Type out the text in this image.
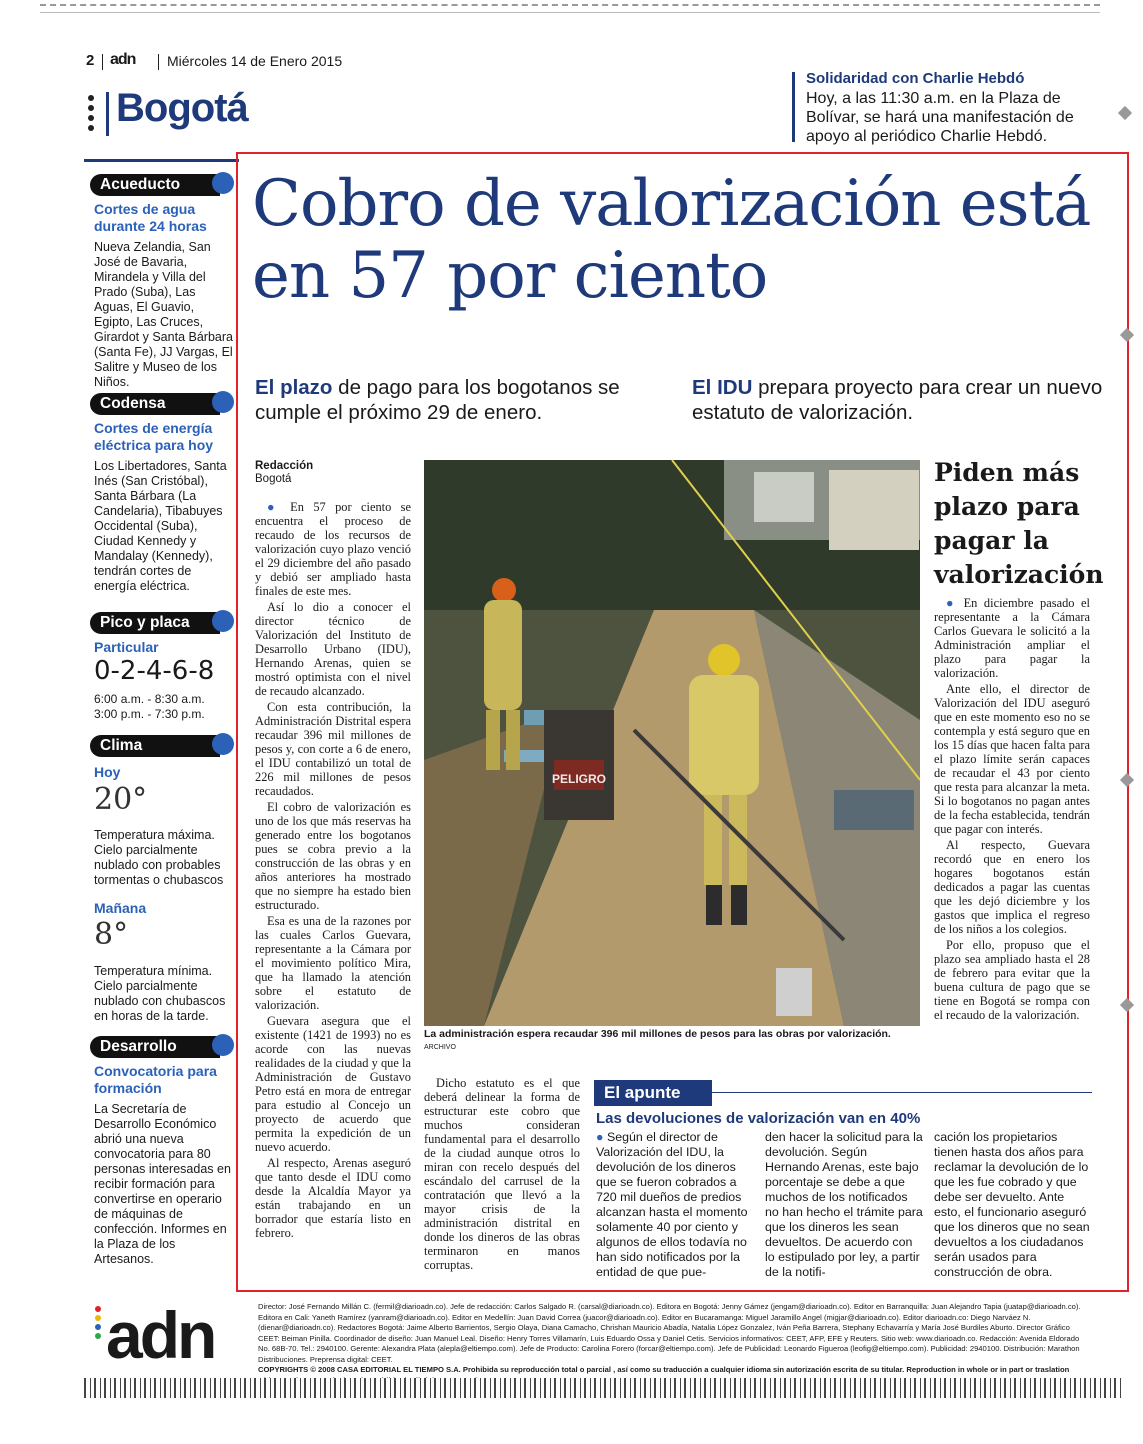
2 adn Miércoles 14 de Enero 2015
Bogotá
Solidaridad con Charlie Hebdó
Hoy, a las 11:30 a.m. en la Plaza de Bolívar, se hará una manifestación de apoyo al periódico Charlie Hebdó.
Acueducto
Cortes de agua durante 24 horas
Nueva Zelandia, San José de Bavaria, Mirandela y Villa del Prado (Suba), Las Aguas, El Guavio, Egipto, Las Cruces, Girardot y Santa Bárbara (Santa Fe), JJ Vargas, El Salitre y Museo de los Niños.
Codensa
Cortes de energía eléctrica para hoy
Los Libertadores, Santa Inés (San Cristóbal), Santa Bárbara (La Candelaria), Tibabuyes Occidental (Suba), Ciudad Kennedy y Mandalay (Kennedy), tendrán cortes de energía eléctrica.
Pico y placa
Particular
0-2-4-6-8
6:00 a.m. - 8:30 a.m.
3:00 p.m. - 7:30 p.m.
Clima
Hoy
20°
Temperatura máxima. Cielo parcialmente nublado con probables tormentas o chubascos
Mañana
8°
Temperatura mínima. Cielo parcialmente nublado con chubascos en horas de la tarde.
Desarrollo
Convocatoria para formación
La Secretaría de Desarrollo Económico abrió una nueva convocatoria para 80 personas interesadas en recibir formación para convertirse en operario de máquinas de confección. Informes en la Plaza de los Artesanos.
Cobro de valorización está en 57 por ciento
El plazo de pago para los bogotanos se cumple el próximo 29 de enero.
El IDU prepara proyecto para crear un nuevo estatuto de valorización.
Redacción
Bogotá

● En 57 por ciento se encuentra el proceso de recaudo de los recursos de valorización cuyo plazo venció el 29 diciembre del año pasado y debió ser ampliado hasta finales de este mes.

Así lo dio a conocer el director técnico de Valorización del Instituto de Desarrollo Urbano (IDU), Hernando Arenas, quien se mostró optimista con el nivel de recaudo alcanzado.

Con esta contribución, la Administración Distrital espera recaudar 396 mil millones de pesos y, con corte a 6 de enero, el IDU contabilizó un total de 226 mil millones de pesos recaudados.

El cobro de valorización es uno de los que más reservas ha generado entre los bogotanos pues se cobra previo a la construcción de las obras y en años anteriores ha mostrado que no siempre ha estado bien estructurado.

Esa es una de la razones por las cuales Carlos Guevara, representante a la Cámara por el movimiento político Mira, que ha llamado la atención sobre el estatuto de valorización.

Guevara asegura que el existente (1421 de 1993) no es acorde con las nuevas realidades de la ciudad y que la Administración de Gustavo Petro está en mora de entregar para estudio al Concejo un proyecto de acuerdo que permita la expedición de un nuevo acuerdo.

Al respecto, Arenas aseguró que tanto desde el IDU como desde la Alcaldía Mayor ya están trabajando en un borrador que estaría listo en febrero.

PELIGRO
La administración espera recaudar 396 mil millones de pesos para las obras por valorización. ARCHIVO
Piden más plazo para pagar la valorización

● En diciembre pasado el representante a la Cámara Carlos Guevara le solicitó a la Administración ampliar el plazo para pagar la valorización.

Ante ello, el director de Valorización del IDU aseguró que en este momento eso no se contempla y está seguro que en los 15 días que hacen falta para el plazo límite serán capaces de recaudar el 43 por ciento que resta para alcanzar la meta. Si lo bogotanos no pagan antes de la fecha establecida, tendrán que pagar con interés.

Al respecto, Guevara recordó que en enero los hogares bogotanos están dedicados a pagar las cuentas que les dejó diciembre y los gastos que implica el regreso de los niños a los colegios.

Por ello, propuso que el plazo sea ampliado hasta el 28 de febrero para evitar que la buena cultura de pago que se tiene en Bogotá se rompa con el recaudo de la valorización.

Dicho estatuto es el que deberá delinear la forma de estructurar este cobro que muchos consideran fundamental para el desarrollo de la ciudad aunque otros lo miran con recelo después del escándalo del carrusel de la contratación que llevó a la mayor crisis de la administración distrital en donde los dineros de las obras terminaron en manos corruptas.

El apunte
Las devoluciones de valorización van en 40%
● Según el director de Valorización del IDU, la devolución de los dineros que se fueron cobrados a 720 mil dueños de predios alcanzan hasta el momento solamente 40 por ciento y algunos de ellos todavía no han sido notificados por la entidad de que pue-
den hacer la solicitud para la devolución. Según Hernando Arenas, este bajo porcentaje se debe a que muchos de los notificados no han hecho el trámite para que los dineros les sean devueltos. De acuerdo con lo estipulado por ley, a partir de la notifi-
cación los propietarios tienen hasta dos años para reclamar la devolución de lo que les fue cobrado y que debe ser devuelto. Ante esto, el funcionario aseguró que los dineros que no sean devueltos a los ciudadanos serán usados para construcción de obra.
adn	Director: José Fernando Millán C. (fermil@diarioadn.co). Jefe de redacción: Carlos Salgado R. (carsal@diarioadn.co). Editora en Bogotá: Jenny Gámez (jengam@diarioadn.co). Editor en Barranquilla: Juan Alejandro Tapia (juatap@diarioadn.co). Editora en Cali: Yaneth Ramírez (yanram@diarioadn.co). Editor en Medellín: Juan David Correa (juacor@diarioadn.co). Editor en Bucaramanga: Miguel Jaramillo Angel (migjar@diarioadn.co). Editor diarioadn.co: Diego Narváez N. (dienar@diarioadn.co). Redactores Bogotá: Jaime Alberto Barrientos, Sergio Olaya, Diana Camacho, Chrishan Mauricio Abadía, Natalia López Gonzalez, Iván Peña Barrera, Stephany Echavarría y María José Burdiles Aburto. Director Gráfico CEET: Beiman Pinilla. Coordinador de diseño: Juan Manuel Leal. Diseño: Henry Torres Villamarín, Luis Eduardo Ossa y Daniel Cetis. Servicios informativos: CEET, AFP, EFE y Reuters. Sitio web: www.diarioadn.co. Redacción: Avenida Eldorado No. 68B-70. Tel.: 2940100. Gerente: Alexandra Plata (alepla@eltiempo.com). Jefe de Producto: Carolina Forero (forcar@eltiempo.com). Jefe de Publicidad: Leonardo Figueroa (leofig@eltiempo.com). Publicidad: 2940100. Distribución: Marathon Distribuciones. Preprensa digital: CEET.
COPYRIGHTS © 2008 CASA EDITORIAL EL TIEMPO S.A. Prohibida su reproducción total o parcial , así como su traducción a cualquier idioma sin autorización escrita de su titular. Reproduction in whole or in part or traslation
